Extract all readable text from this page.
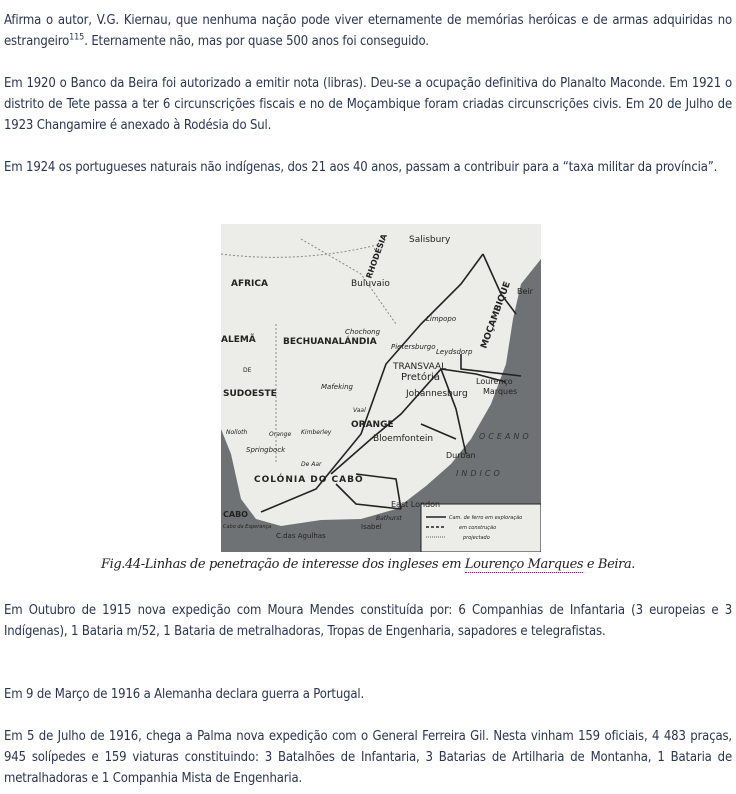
Afirma o autor, V.G. Kiernau, que nenhuma nação pode viver eternamente de memórias heróicas e de armas adquiridas no estrangeiro$^{115}$. Eternamente não, mas por quase 500 anos foi conseguido.
Em 1920 o Banco da Beira foi autorizado a emitir nota (libras). Deu-se a ocupação definitiva do Planalto Maconde. Em 1921 o distrito de Tete passa a ter 6 circunscrições fiscais e no de Moçambique foram criadas circunscrições civis. Em 20 de Julho de 1923 Changamire é anexado à Rodésia do Sul.
Em 1924 os portugueses naturais não indígenas, dos 21 aos 40 anos, passam a contribuir para a “taxa militar da província”.
Salisbury
RHODÉSIA
AFRICA	Buluvaio	MOÇAMBIQUE Beir
Limpopo
ALEMÃ	BECHUANALÁNDIA
Chochong
Pietersburgo
Leydsdorp
DE	TRANSVAAL
Pretória
SUDOESTE
Mafeking
Lourenço
Marques
Johannesburg
Vaal
ORANGE
OCEANO
Nolloth	Orange Kimberley
Bloemfontein
Springbock
Durban
De Aar
INDICO
COLÓNIA DO CABO
East London
CABO	Bathurst
Cabo da Esperança	Isabel
C.das Agulhas
Cam. de ferro em exploração
em construção
projectado
Fig.44-Linhas de penetração de interesse dos ingleses em Lourenço Marques e Beira.
Em Outubro de 1915 nova expedição com Moura Mendes constituída por: 6 Companhias de Infantaria (3 europeias e 3 Indígenas), 1 Bataria m/52, 1 Bataria de metralhadoras, Tropas de Engenharia, sapadores e telegrafistas.
Em 9 de Março de 1916 a Alemanha declara guerra a Portugal.
Em 5 de Julho de 1916, chega a Palma nova expedição com o General Ferreira Gil. Nesta vinham 159 oficiais, 4 483 praças, 945 solípedes e 159 viaturas constituindo: 3 Batalhões de Infantaria, 3 Batarias de Artilharia de Montanha, 1 Bataria de metralhadoras e 1 Companhia Mista de Engenharia.
